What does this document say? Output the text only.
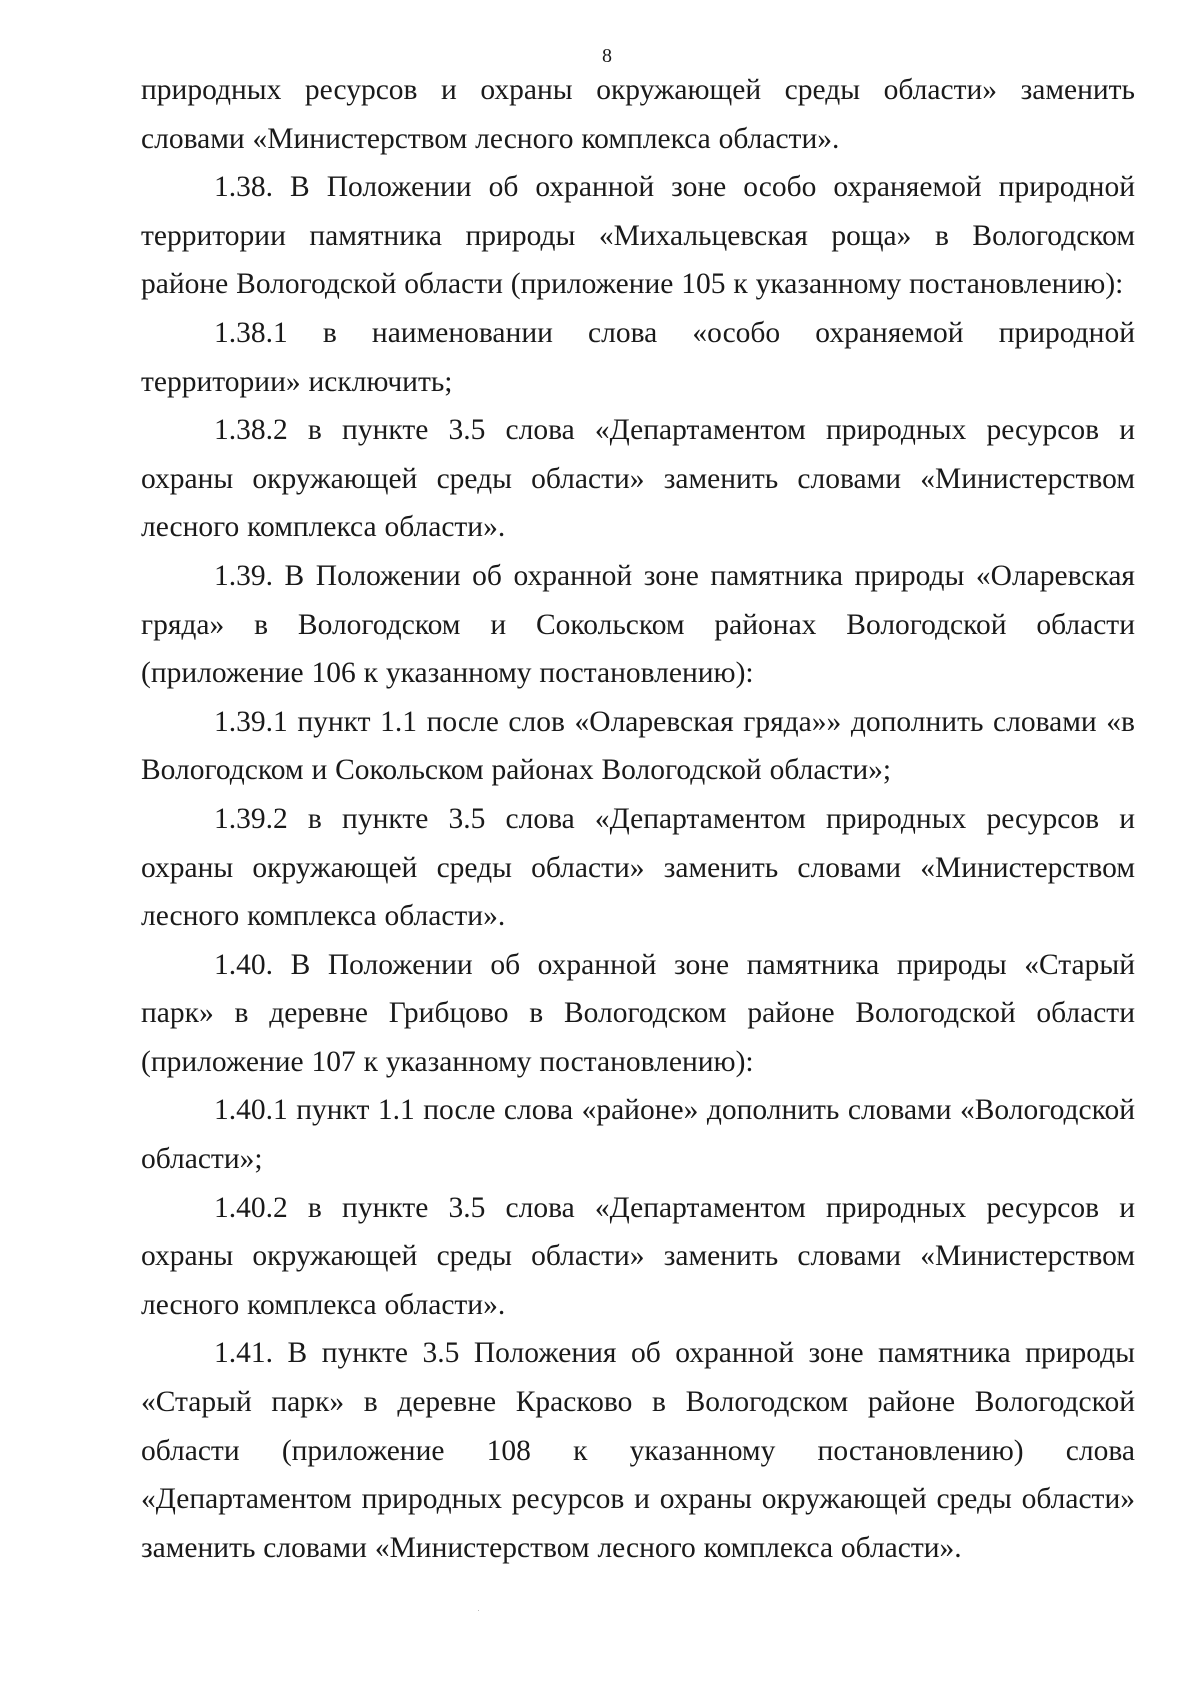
8

природных ресурсов и охраны окружающей среды области» заменить словами «Министерством лесного комплекса области».

1.38. В Положении об охранной зоне особо охраняемой природной территории памятника природы «Михальцевская роща» в Вологодском районе Вологодской области (приложение 105 к указанному постановлению):

1.38.1 в наименовании слова «особо охраняемой природной территории» исключить;

1.38.2 в пункте 3.5 слова «Департаментом природных ресурсов и охраны окружающей среды области» заменить словами «Министерством лесного комплекса области».

1.39. В Положении об охранной зоне памятника природы «Оларевская гряда» в Вологодском и Сокольском районах Вологодской области (приложение 106 к указанному постановлению):

1.39.1 пункт 1.1 после слов «Оларевская гряда»» дополнить словами «в Вологодском и Сокольском районах Вологодской области»;

1.39.2 в пункте 3.5 слова «Департаментом природных ресурсов и охраны окружающей среды области» заменить словами «Министерством лесного комплекса области».

1.40. В Положении об охранной зоне памятника природы «Старый парк» в деревне Грибцово в Вологодском районе Вологодской области (приложение 107 к указанному постановлению):

1.40.1 пункт 1.1 после слова «районе» дополнить словами «Вологодской области»;

1.40.2 в пункте 3.5 слова «Департаментом природных ресурсов и охраны окружающей среды области» заменить словами «Министерством лесного комплекса области».

1.41. В пункте 3.5 Положения об охранной зоне памятника природы «Старый парк» в деревне Красково в Вологодском районе Вологодской области (приложение 108 к указанному постановлению) слова «Департаментом природных ресурсов и охраны окружающей среды области» заменить словами «Министерством лесного комплекса области».
